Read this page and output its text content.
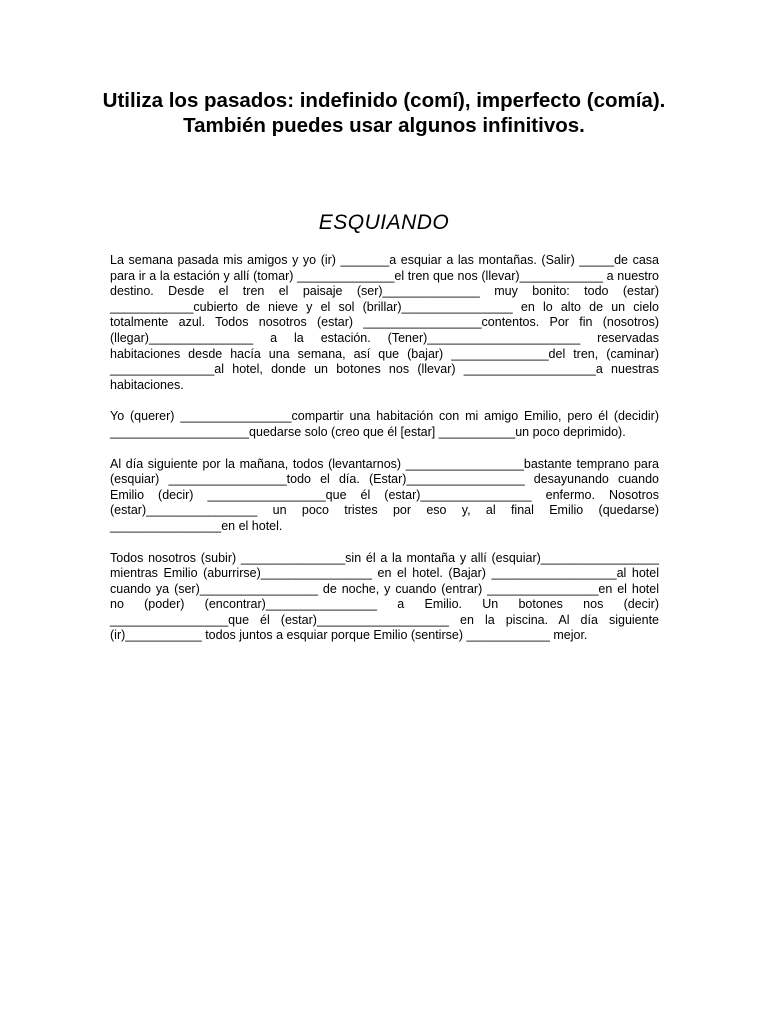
Utiliza los pasados: indefinido (comí), imperfecto (comía). También puedes usar algunos infinitivos.
ESQUIANDO

La semana pasada mis amigos y yo (ir) _______a esquiar a las montañas. (Salir) _____de casa para ir a la estación y allí (tomar) ______________el tren que nos (llevar)____________ a nuestro destino. Desde el tren el paisaje (ser)______________ muy bonito: todo (estar) ____________cubierto de nieve y el sol (brillar)________________ en lo alto de un cielo totalmente azul. Todos nosotros (estar) _________________contentos. Por fin (nosotros) (llegar)_______________ a la estación. (Tener)______________________ reservadas habitaciones desde hacía una semana, así que (bajar) ______________del tren, (caminar) _______________al hotel, donde un botones nos (llevar) ___________________a nuestras habitaciones.

Yo (querer) ________________compartir una habitación con mi amigo Emilio, pero él (decidir) ____________________quedarse solo (creo que él [estar] ___________un poco deprimido).

Al día siguiente por la mañana, todos (levantarnos) _________________bastante temprano para (esquiar) _________________todo el día. (Estar)_________________ desayunando cuando Emilio (decir) _________________que él (estar)________________ enfermo. Nosotros (estar)________________ un poco tristes por eso y, al final Emilio (quedarse) ________________en el hotel.

Todos nosotros (subir) _______________sin él a la montaña y allí (esquiar)_________________ mientras Emilio (aburrirse)________________ en el hotel. (Bajar) __________________al hotel cuando ya (ser)_________________ de noche, y cuando (entrar) ________________en el hotel no (poder) (encontrar)________________ a Emilio. Un botones nos (decir) _________________que él (estar)___________________ en la piscina. Al día siguiente (ir)___________ todos juntos a esquiar porque Emilio (sentirse) ____________ mejor.
